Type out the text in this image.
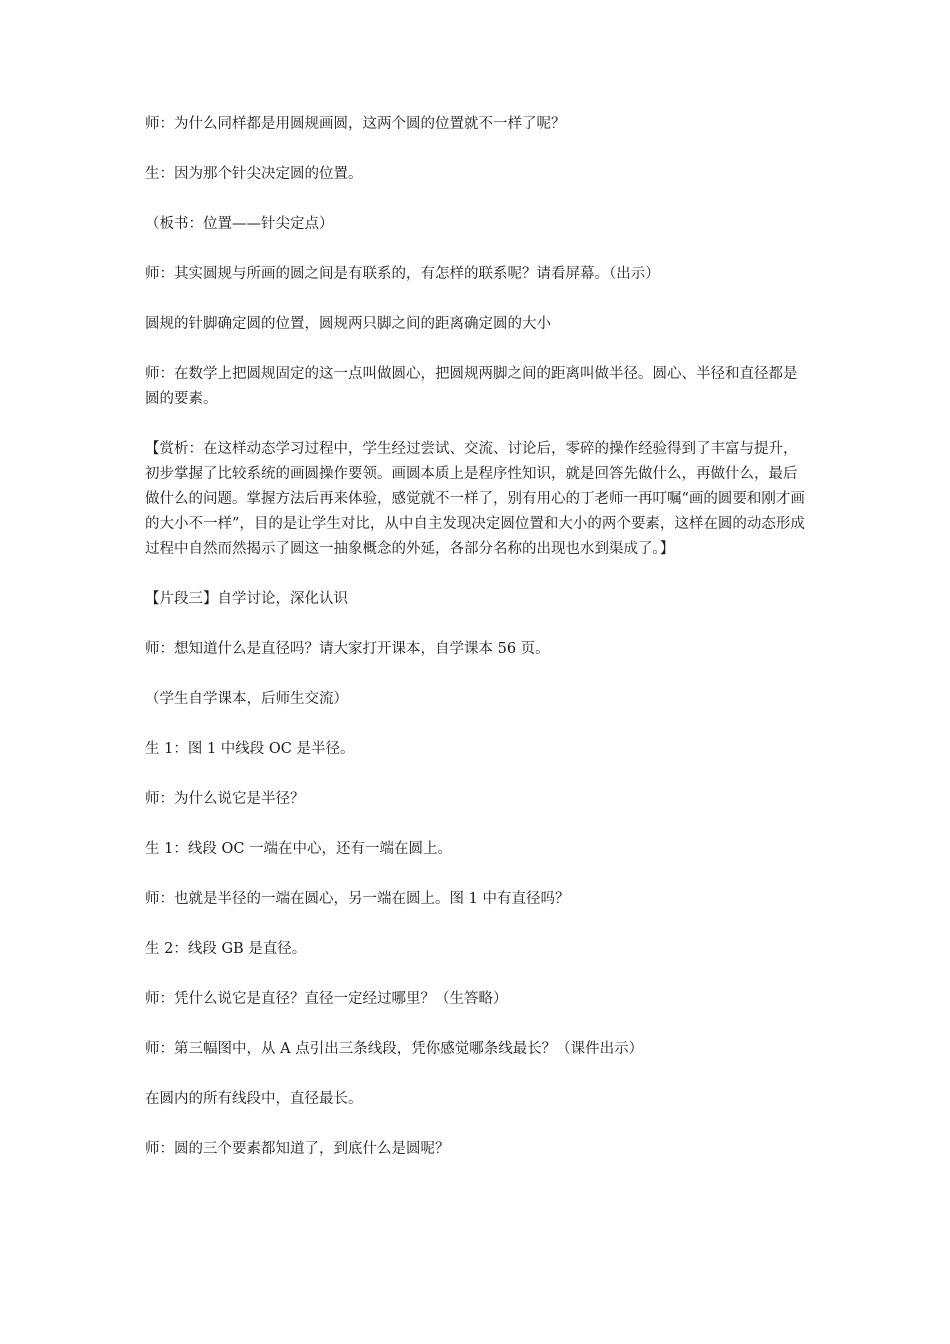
师：为什么同样都是用圆规画圆，这两个圆的位置就不一样了呢？

生：因为那个针尖决定圆的位置。

（板书：位置——针尖定点）

师：其实圆规与所画的圆之间是有联系的，有怎样的联系呢？请看屏幕。（出示）

圆规的针脚确定圆的位置，圆规两只脚之间的距离确定圆的大小

师：在数学上把圆规固定的这一点叫做圆心，把圆规两脚之间的距离叫做半径。圆心、半径和直径都是圆的要素。

【赏析：在这样动态学习过程中，学生经过尝试、交流、讨论后，零碎的操作经验得到了丰富与提升，初步掌握了比较系统的画圆操作要领。画圆本质上是程序性知识，就是回答先做什么，再做什么，最后做什么的问题。掌握方法后再来体验，感觉就不一样了，别有用心的丁老师一再叮嘱“画的圆要和刚才画的大小不一样”，目的是让学生对比，从中自主发现决定圆位置和大小的两个要素，这样在圆的动态形成过程中自然而然揭示了圆这一抽象概念的外延，各部分名称的出现也水到渠成了。】

【片段三】自学讨论，深化认识

师：想知道什么是直径吗？请大家打开课本，自学课本 56 页。

（学生自学课本，后师生交流）

生 1：图 1 中线段 OC 是半径。

师：为什么说它是半径？

生 1：线段 OC 一端在中心，还有一端在圆上。

师：也就是半径的一端在圆心，另一端在圆上。图 1 中有直径吗？

生 2：线段 GB 是直径。

师：凭什么说它是直径？直径一定经过哪里？（生答略）

师：第三幅图中，从 A 点引出三条线段，凭你感觉哪条线最长？（课件出示）

在圆内的所有线段中，直径最长。

师：圆的三个要素都知道了，到底什么是圆呢？
